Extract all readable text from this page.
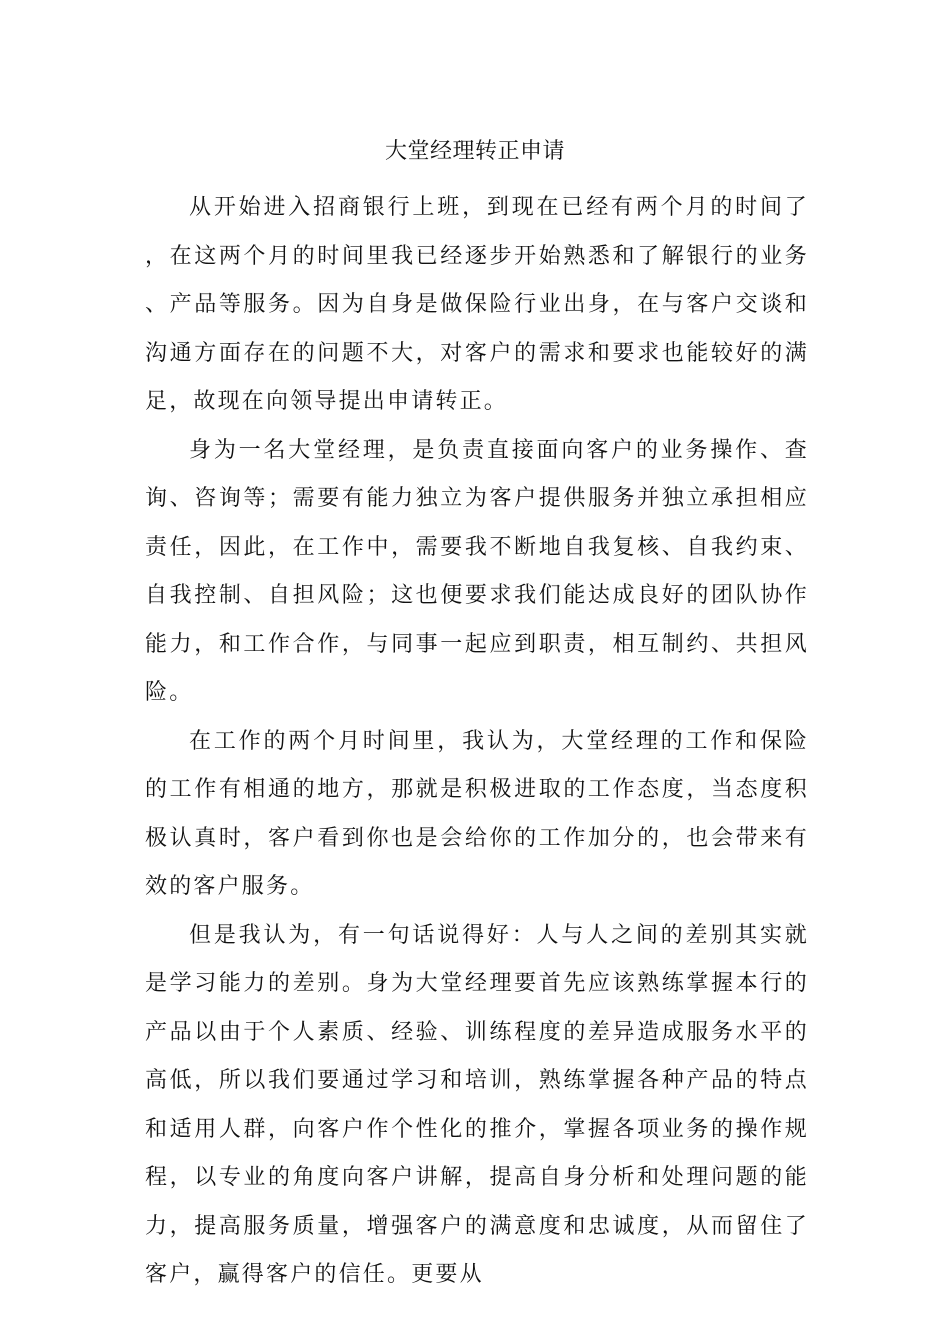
大堂经理转正申请

从开始进入招商银行上班，到现在已经有两个月的时间了，在这两个月的时间里我已经逐步开始熟悉和了解银行的业务、产品等服务。因为自身是做保险行业出身，在与客户交谈和沟通方面存在的问题不大，对客户的需求和要求也能较好的满足，故现在向领导提出申请转正。

身为一名大堂经理，是负责直接面向客户的业务操作、查询、咨询等；需要有能力独立为客户提供服务并独立承担相应责任，因此，在工作中，需要我不断地自我复核、自我约束、自我控制、自担风险；这也便要求我们能达成良好的团队协作能力，和工作合作，与同事一起应到职责，相互制约、共担风险。

在工作的两个月时间里，我认为，大堂经理的工作和保险的工作有相通的地方，那就是积极进取的工作态度，当态度积极认真时，客户看到你也是会给你的工作加分的，也会带来有效的客户服务。

但是我认为，有一句话说得好：人与人之间的差别其实就是学习能力的差别。身为大堂经理要首先应该熟练掌握本行的产品以由于个人素质、经验、训练程度的差异造成服务水平的高低，所以我们要通过学习和培训，熟练掌握各种产品的特点和适用人群，向客户作个性化的推介，掌握各项业务的操作规程，以专业的角度向客户讲解，提高自身分析和处理问题的能力，提高服务质量，增强客户的满意度和忠诚度，从而留住了客户，赢得客户的信任。更要从
